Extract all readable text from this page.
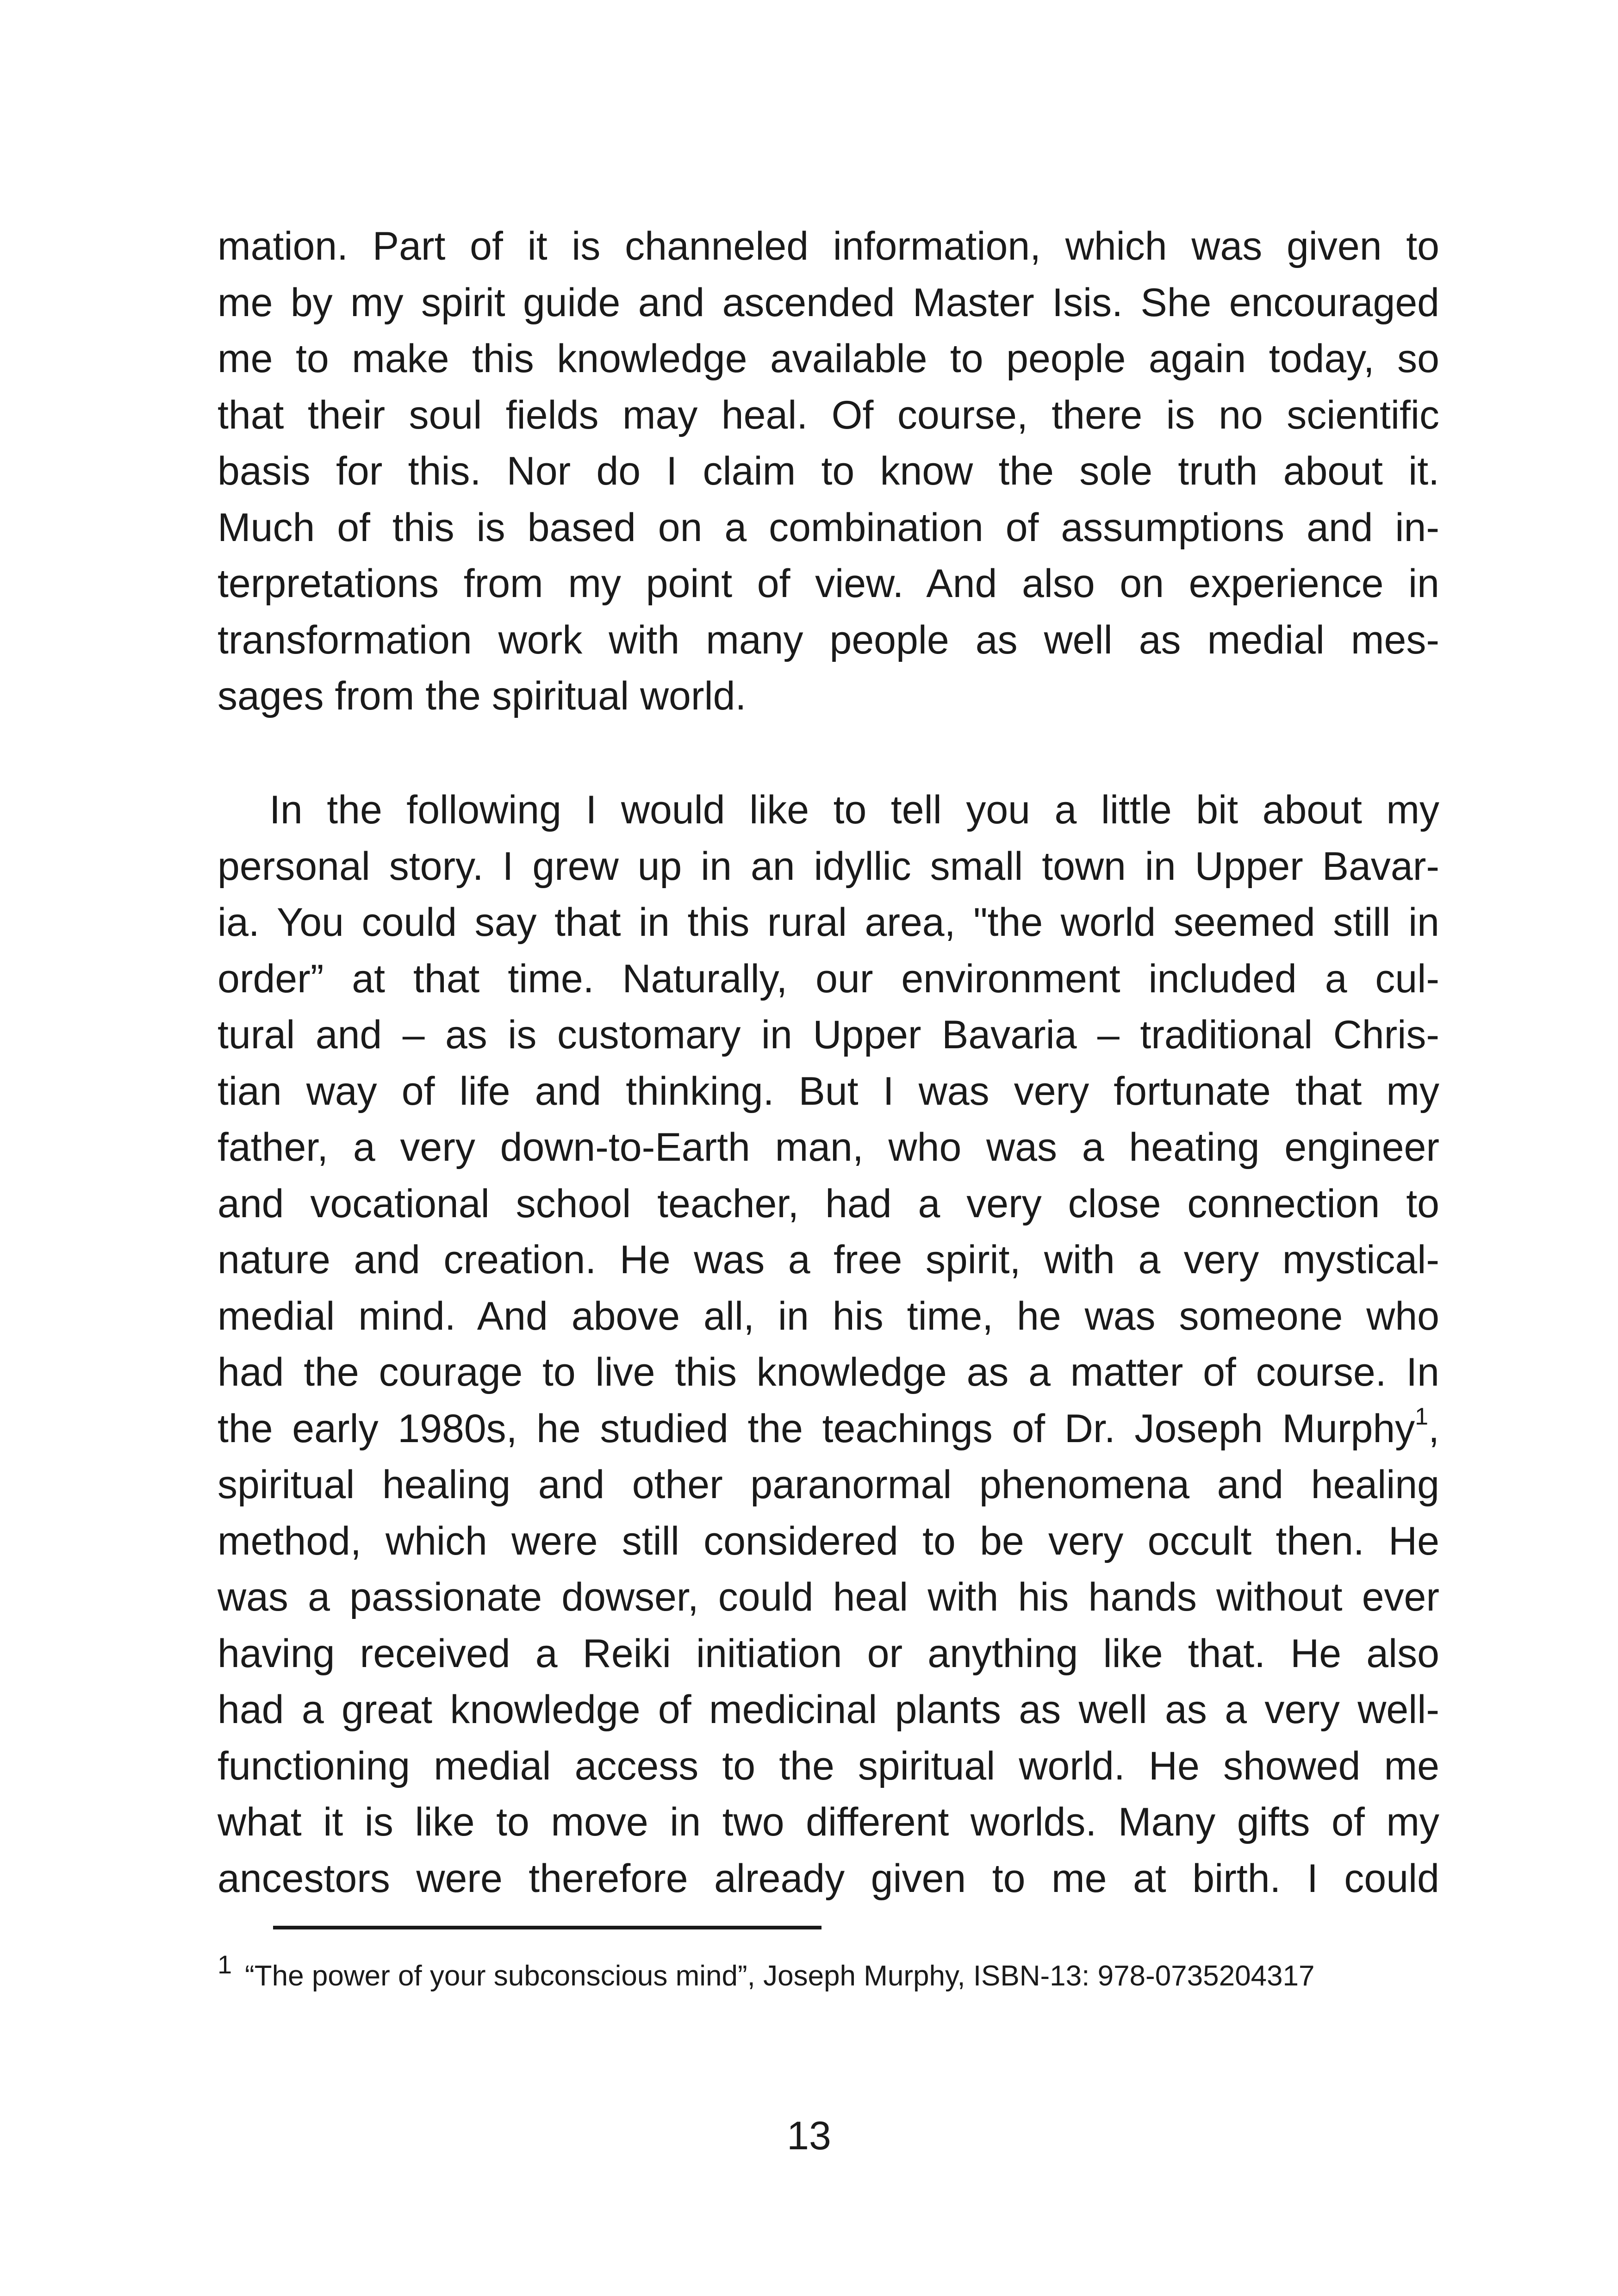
mation. Part of it is channeled information, which was given to

me by my spirit guide and ascended Master Isis. She encouraged

me to make this knowledge available to people again today, so

that their soul fields may heal. Of course, there is no scientific

basis for this. Nor do I claim to know the sole truth about it.

Much of this is based on a combination of assumptions and in-

terpretations from my point of view. And also on experience in

transformation work with many people as well as medial mes-

sages from the spiritual world.

In the following I would like to tell you a little bit about my

personal story. I grew up in an idyllic small town in Upper Bavar-

ia. You could say that in this rural area, "the world seemed still in

order” at that time. Naturally, our environment included a cul-

tural and – as is customary in Upper Bavaria – traditional Chris-

tian way of life and thinking. But I was very fortunate that my

father, a very down-to-Earth man, who was a heating engineer

and vocational school teacher, had a very close connection to

nature and creation. He was a free spirit, with a very mystical-

medial mind. And above all, in his time, he was someone who

had the courage to live this knowledge as a matter of course. In

the early 1980s, he studied the teachings of Dr. Joseph Murphy$^1$,

spiritual healing and other paranormal phenomena and healing

method, which were still considered to be very occult then. He

was a passionate dowser, could heal with his hands without ever

having received a Reiki initiation or anything like that. He also

had a great knowledge of medicinal plants as well as a very well-

functioning medial access to the spiritual world. He showed me

what it is like to move in two different worlds. Many gifts of my

ancestors were therefore already given to me at birth. I could

1 “The power of your subconscious mind”, Joseph Murphy, ISBN-13: 978-0735204317
13
